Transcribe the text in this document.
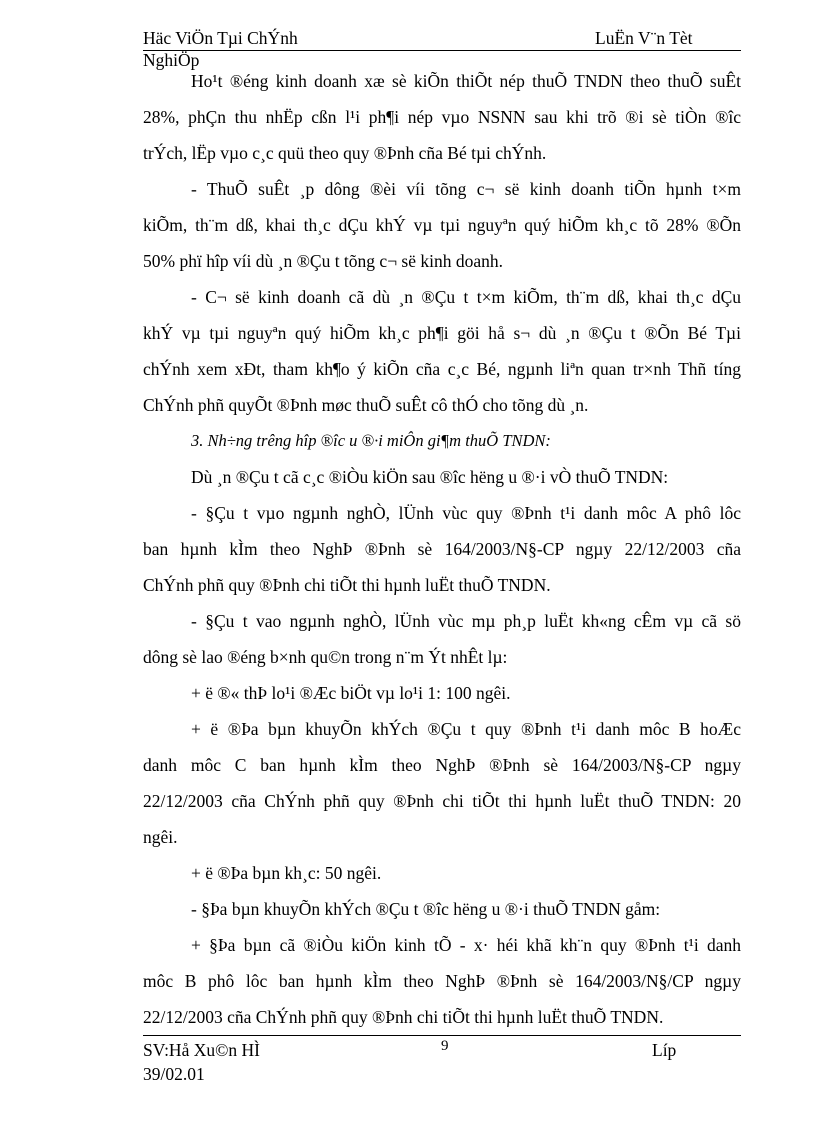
Häc ViÖn Tµi ChÝnh	LuËn V¨n Tèt
NghiÖp
Ho¹t ®éng kinh doanh xæ sè kiÕn thiÕt nép thuÕ TNDN theo thuÕ suÊt
28%, phÇn thu nhËp cßn l¹i ph¶i nép vµo NSNN sau khi trõ ®i sè tiÒn ®îc
trÝch, lËp vµo c¸c quü theo quy ®Þnh cña Bé tµi chÝnh.
- ThuÕ suÊt ¸p dông ®èi víi tõng c¬ së kinh doanh tiÕn hµnh t×m
kiÕm, th¨m dß, khai th¸c dÇu khÝ vµ tµi nguyªn quý hiÕm kh¸c tõ 28% ®Õn
50% phï hîp víi dù ¸n ®Çu t tõng c¬ së kinh doanh.
- C¬ së kinh doanh cã dù ¸n ®Çu t t×m kiÕm, th¨m dß, khai th¸c dÇu
khÝ vµ tµi nguyªn quý hiÕm kh¸c ph¶i göi hå s¬ dù ¸n ®Çu t ®Õn Bé Tµi
chÝnh xem xÐt, tham kh¶o ý kiÕn cña c¸c Bé, ngµnh liªn quan tr×nh Thñ tíng
ChÝnh phñ quyÕt ®Þnh møc thuÕ suÊt cô thÓ cho tõng dù ¸n.
3. Nh÷ng trêng hîp ®îc u ®·i miÔn gi¶m thuÕ TNDN:
Dù ¸n ®Çu t cã c¸c ®iÒu kiÖn sau ®îc hëng u ®·i vÒ thuÕ TNDN:
- §Çu t vµo ngµnh nghÒ, lÜnh vùc quy ®Þnh t¹i danh môc A phô lôc
ban hµnh kÌm theo NghÞ ®Þnh sè 164/2003/N§-CP ngµy 22/12/2003 cña
ChÝnh phñ quy ®Þnh chi tiÕt thi hµnh luËt thuÕ TNDN.
- §Çu t vao ngµnh nghÒ, lÜnh vùc mµ ph¸p luËt kh«ng cÊm vµ cã sö
dông sè lao ®éng b×nh qu©n trong n¨m Ýt nhÊt lµ:
+ ë ®« thÞ lo¹i ®Æc biÖt vµ lo¹i 1: 100 ngêi.
+ ë ®Þa bµn khuyÕn khÝch ®Çu t quy ®Þnh t¹i danh môc B hoÆc
danh môc C ban hµnh kÌm theo NghÞ ®Þnh sè 164/2003/N§-CP ngµy
22/12/2003 cña ChÝnh phñ quy ®Þnh chi tiÕt thi hµnh luËt thuÕ TNDN: 20
ngêi.
+ ë ®Þa bµn kh¸c: 50 ngêi.
- §Þa bµn khuyÕn khÝch ®Çu t ®îc hëng u ®·i thuÕ TNDN gåm:
+ §Þa bµn cã ®iÒu kiÖn kinh tÕ - x· héi khã kh¨n quy ®Þnh t¹i danh
môc B phô lôc ban hµnh kÌm theo NghÞ ®Þnh sè 164/2003/N§/CP ngµy
22/12/2003 cña ChÝnh phñ quy ®Þnh chi tiÕt thi hµnh luËt thuÕ TNDN.
SV:Hå Xu©n HÌ	9	Líp
39/02.01
